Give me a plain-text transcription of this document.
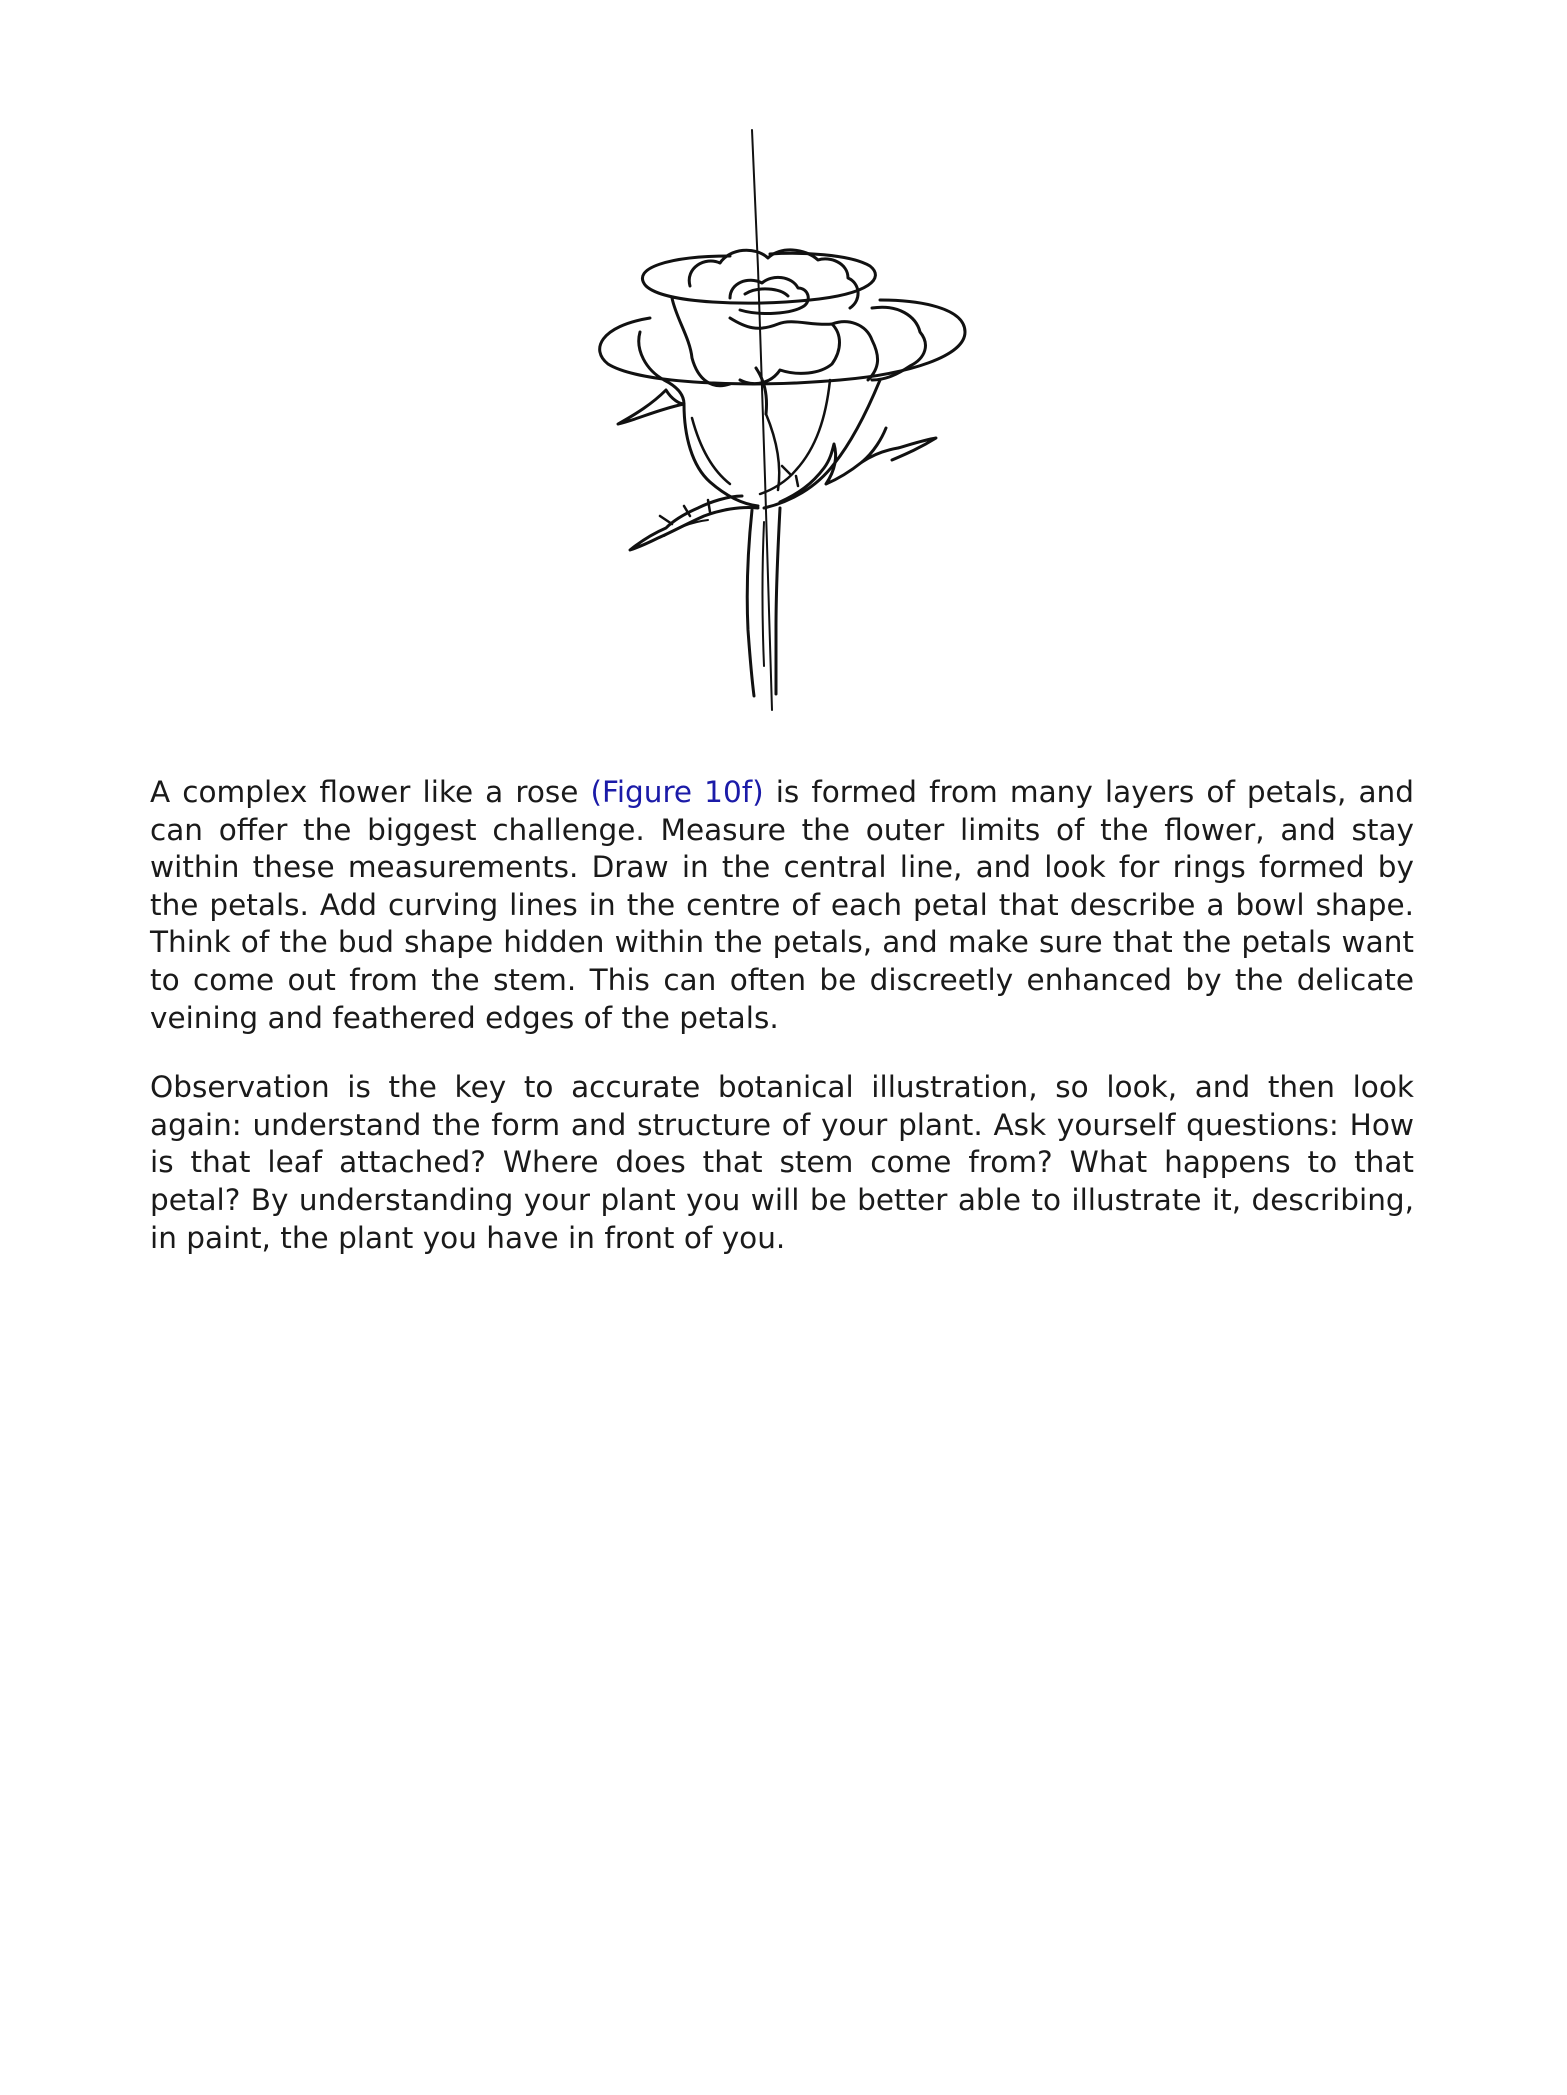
A complex flower like a rose (Figure 10f) is formed from many layers of petals, and can offer the biggest challenge. Measure the outer limits of the flower, and stay within these measurements. Draw in the central line, and look for rings formed by the petals. Add curving lines in the centre of each petal that describe a bowl shape. Think of the bud shape hidden within the petals, and make sure that the petals want to come out from the stem. This can often be discreetly enhanced by the delicate veining and feathered edges of the petals.

Observation is the key to accurate botanical illustration, so look, and then look again: understand the form and structure of your plant. Ask yourself questions: How is that leaf attached? Where does that stem come from? What happens to that petal? By understanding your plant you will be better able to illustrate it, describing, in paint, the plant you have in front of you.
